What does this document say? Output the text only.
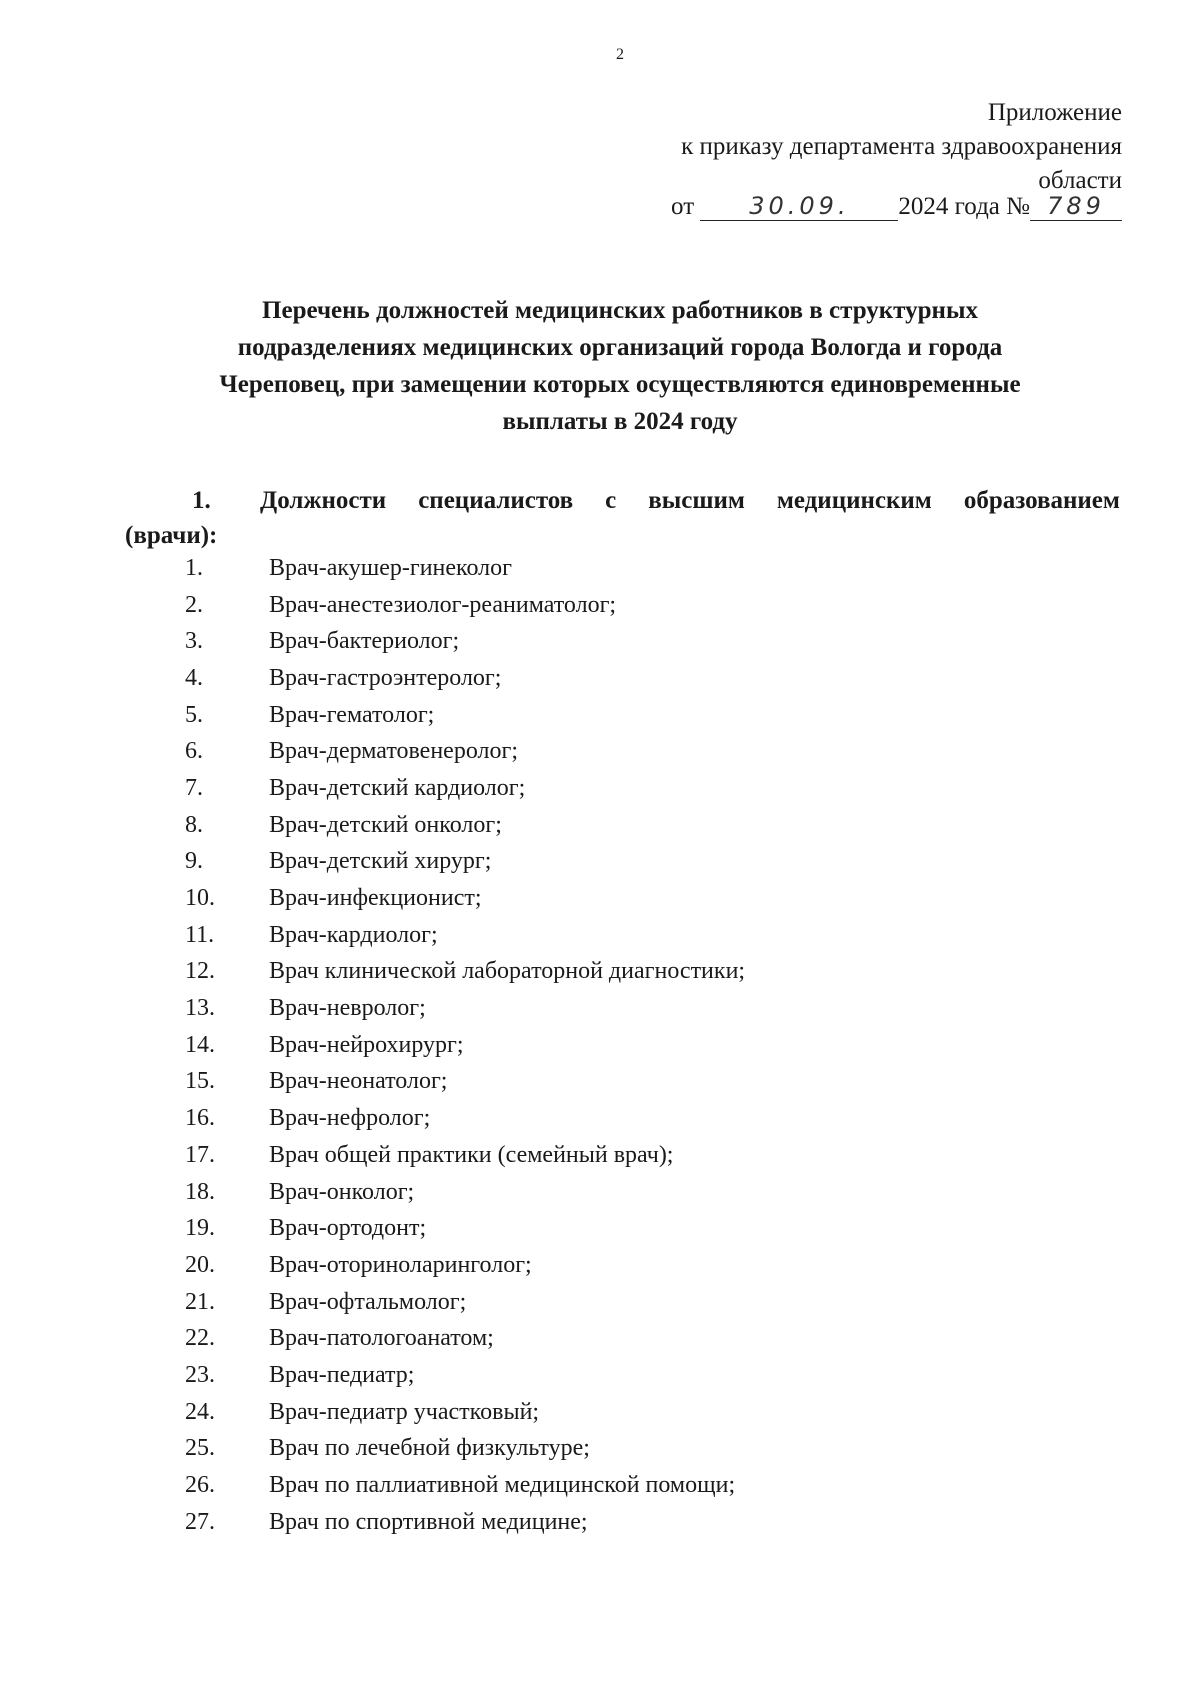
2
Приложение
к приказу департамента здравоохранения
области
от 30.09. 2024 года № 789
Перечень должностей медицинских работников в структурных
подразделениях медицинских организаций города Вологда и города
Череповец, при замещении которых осуществляются единовременные
выплаты в 2024 году
1.	Должности специалистов с высшим медицинским образованием
(врачи):
1.	Врач-акушер-гинеколог
2.	Врач-анестезиолог-реаниматолог;
3.	Врач-бактериолог;
4.	Врач-гастроэнтеролог;
5.	Врач-гематолог;
6.	Врач-дерматовенеролог;
7.	Врач-детский кардиолог;
8.	Врач-детский онколог;
9.	Врач-детский хирург;
10.	Врач-инфекционист;
11.	Врач-кардиолог;
12.	Врач клинической лабораторной диагностики;
13.	Врач-невролог;
14.	Врач-нейрохирург;
15.	Врач-неонатолог;
16.	Врач-нефролог;
17.	Врач общей практики (семейный врач);
18.	Врач-онколог;
19.	Врач-ортодонт;
20.	Врач-оториноларинголог;
21.	Врач-офтальмолог;
22.	Врач-патологоанатом;
23.	Врач-педиатр;
24.	Врач-педиатр участковый;
25.	Врач по лечебной физкультуре;
26.	Врач по паллиативной медицинской помощи;
27.	Врач по спортивной медицине;
